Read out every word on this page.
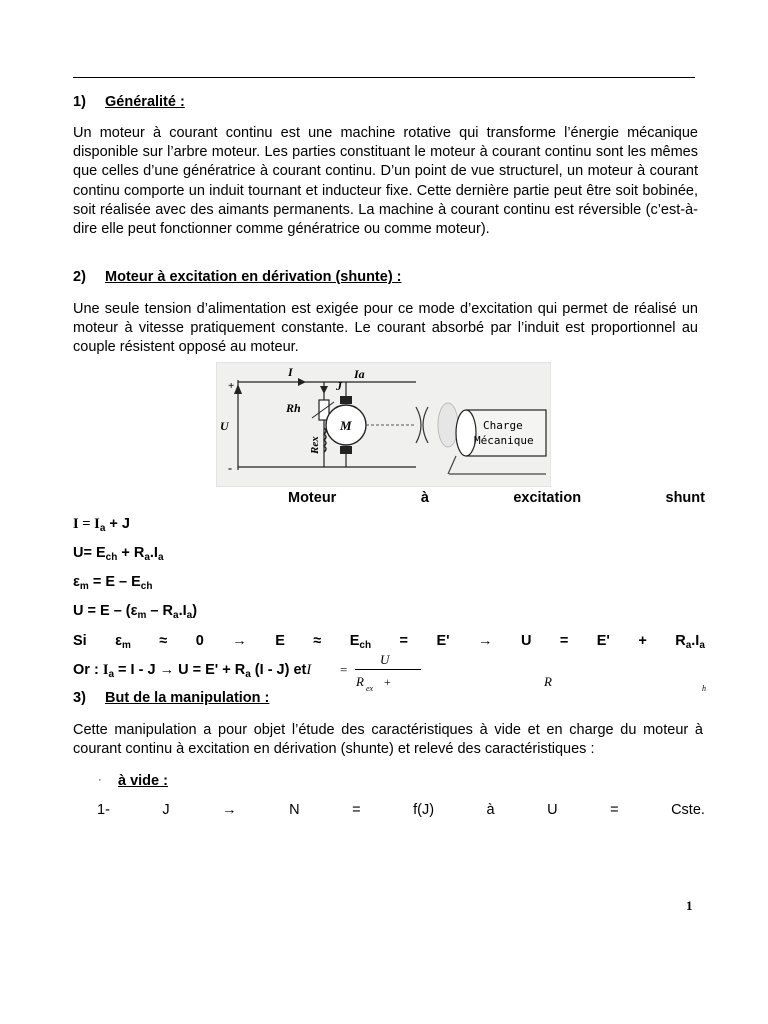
1) Généralité :
Un moteur à courant continu est une machine rotative qui transforme l’énergie mécanique disponible sur l’arbre moteur. Les parties constituant le moteur à courant continu sont les mêmes que celles d’une génératrice à courant continu. D’un point de vue structurel, un moteur à courant continu comporte un induit tournant et inducteur fixe. Cette dernière partie peut être soit bobinée, soit réalisée avec des aimants permanents. La machine à courant continu est réversible (c’est-à-dire elle peut fonctionner comme génératrice ou comme moteur).
2) Moteur à excitation en dérivation (shunte) :
Une seule tension d’alimentation est exigée pour ce mode d’excitation qui permet de réalisé un moteur à vitesse pratiquement constante. Le courant absorbé par l’induit est proportionnel au couple résistent opposé au moteur.
+
-
U
I
J
Rh
Rex
Ia
M	Charge
Mécanique
Moteur	à	excitation	shunt
$I = I_a + J$
$U= E_{ch} + R_a.I_a$
$\varepsilon_m = E - E_{ch}$
$U = E - (\varepsilon_m - R_a.I_a)$
Si $\varepsilon_m \approx 0 \to E \approx E_{ch} = E' \to U = E' + R_a.I_a$
Or : $I_a = I - J \to U = E' + R_a$ (I - J) etI =
U
R ex +	R	h
3) But de la manipulation :
Cette manipulation a pour objet l’étude des caractéristiques à vide et en charge du moteur à courant continu à excitation en dérivation (shunte) et relevé des caractéristiques :
· à vide :
1-	J	→	N	=	f(J)	à	U	=	Cste.
1
